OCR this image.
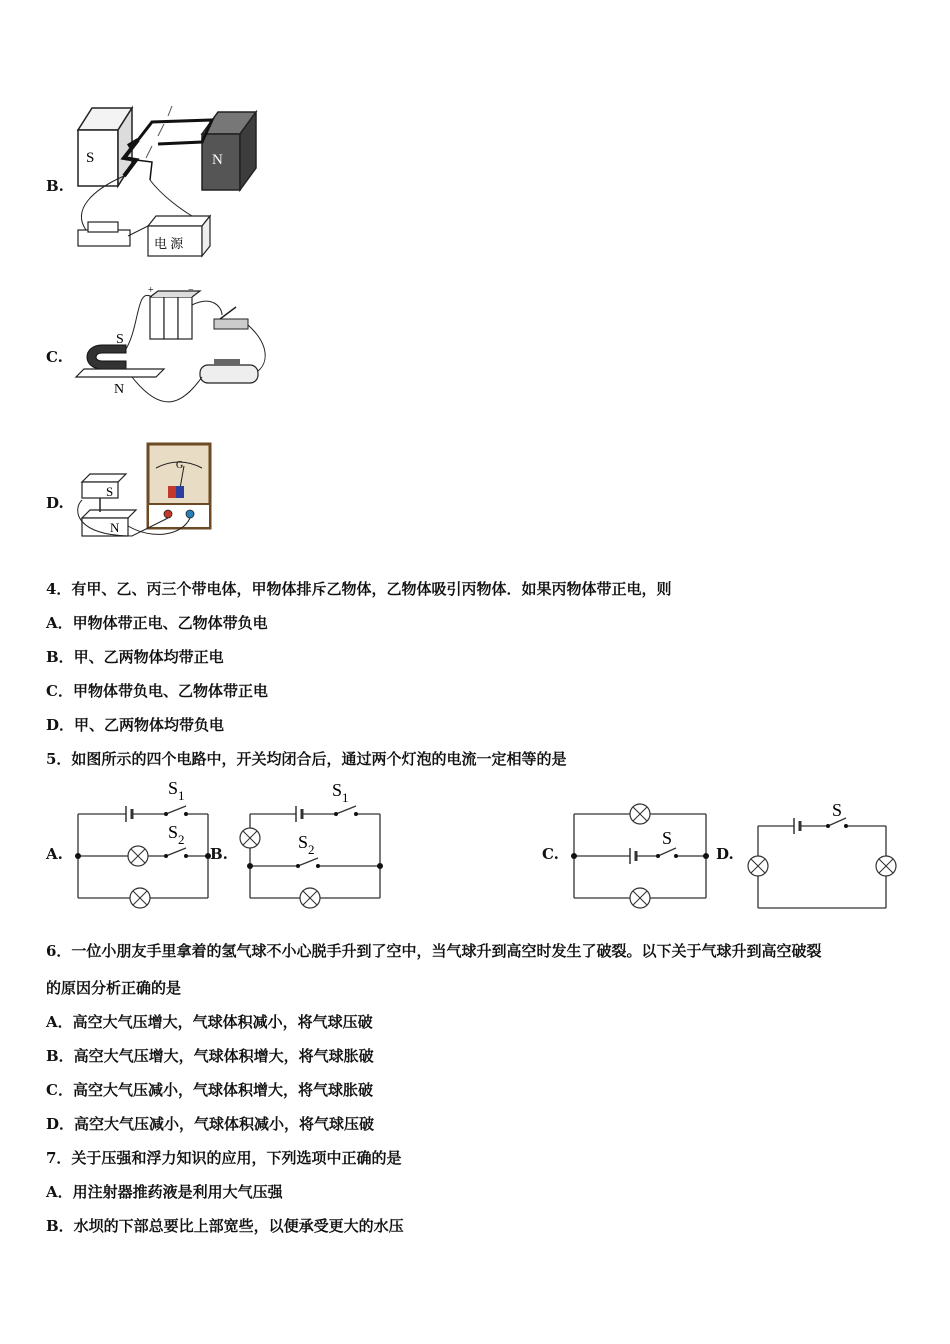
B.
S	N
电 源
C.
+	−
S
N
D.
S
N
G
4．有甲、乙、丙三个带电体，甲物体排斥乙物体，乙物体吸引丙物体．如果丙物体带正电，则
A．甲物体带正电、乙物体带负电
B．甲、乙两物体均带正电
C．甲物体带负电、乙物体带正电
D．甲、乙两物体均带负电
5．如图所示的四个电路中，开关均闭合后，通过两个灯泡的电流一定相等的是
A.
$S_1$
$S_2$
B.
$S_1$
$S_2$	C.
S
D.
S
6．一位小朋友手里拿着的氢气球不小心脱手升到了空中，当气球升到高空时发生了破裂。以下关于气球升到高空破裂
的原因分析正确的是
A．高空大气压增大，气球体积减小，将气球压破
B．高空大气压增大，气球体积增大，将气球胀破
C．高空大气压减小，气球体积增大，将气球胀破
D．高空大气压减小，气球体积减小，将气球压破
7．关于压强和浮力知识的应用，下列选项中正确的是
A．用注射器推药液是利用大气压强
B．水坝的下部总要比上部宽些，以便承受更大的水压
